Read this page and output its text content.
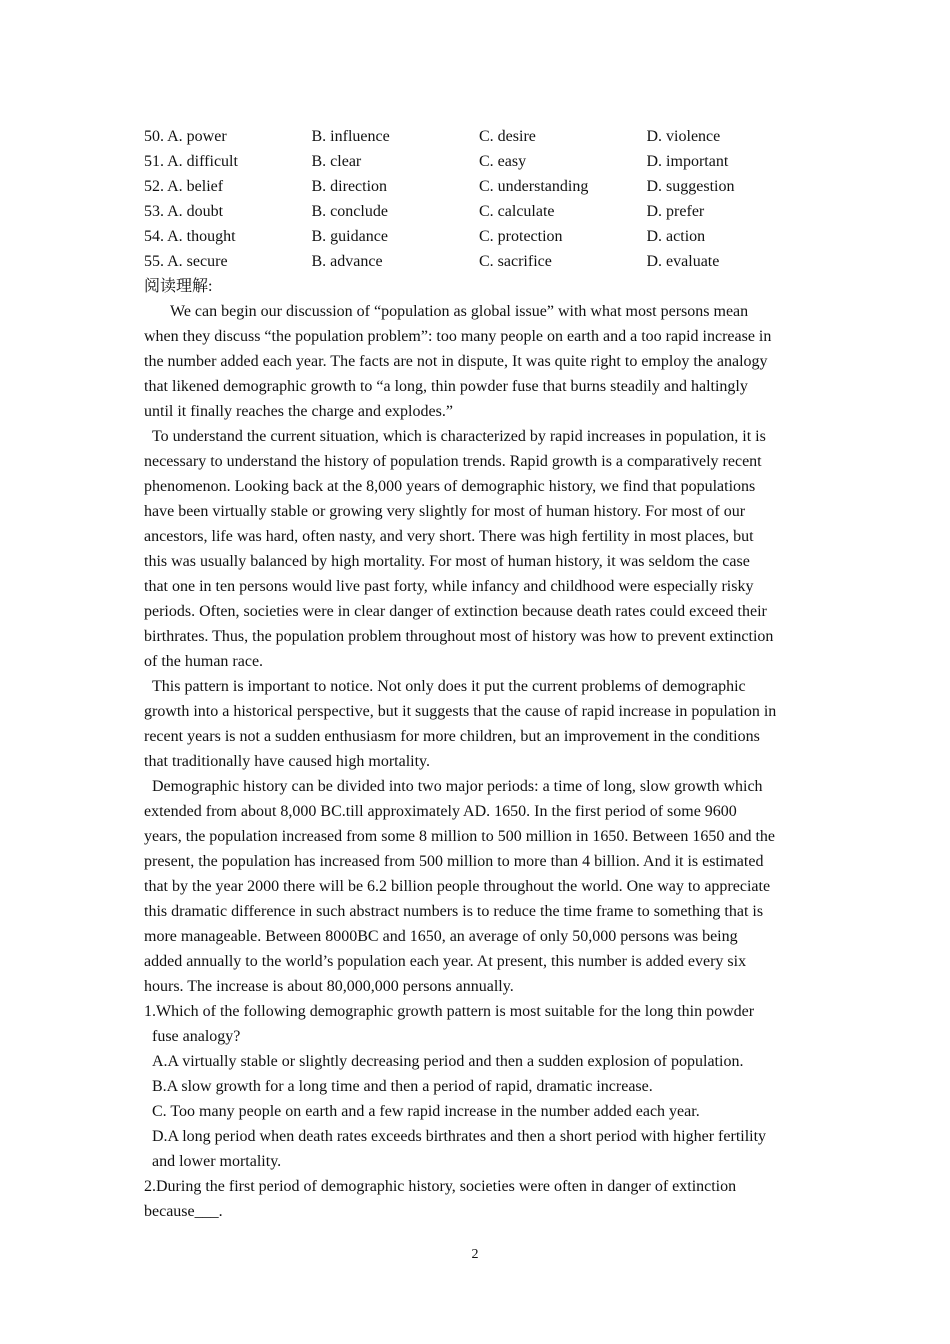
50. A. power	B. influence	C. desire	D. violence
51. A. difficult	B. clear	C. easy	D. important
52. A. belief	B. direction	C. understanding	D. suggestion
53. A. doubt	B. conclude	C. calculate	D. prefer
54. A. thought	B. guidance	C. protection	D. action
55. A. secure	B. advance	C. sacrifice	D. evaluate
阅读理解:
We can begin our discussion of “population as global issue” with what most persons mean
when they discuss “the population problem”: too many people on earth and a too rapid increase in
the number added each year. The facts are not in dispute, It was quite right to employ the analogy
that likened demographic growth to “a long, thin powder fuse that burns steadily and haltingly
until it finally reaches the charge and explodes.”
To understand the current situation, which is characterized by rapid increases in population, it is
necessary to understand the history of population trends. Rapid growth is a comparatively recent
phenomenon. Looking back at the 8,000 years of demographic history, we find that populations
have been virtually stable or growing very slightly for most of human history. For most of our
ancestors, life was hard, often nasty, and very short. There was high fertility in most places, but
this was usually balanced by high mortality. For most of human history, it was seldom the case
that one in ten persons would live past forty, while infancy and childhood were especially risky
periods. Often, societies were in clear danger of extinction because death rates could exceed their
birthrates. Thus, the population problem throughout most of history was how to prevent extinction
of the human race.
This pattern is important to notice. Not only does it put the current problems of demographic
growth into a historical perspective, but it suggests that the cause of rapid increase in population in
recent years is not a sudden enthusiasm for more children, but an improvement in the conditions
that traditionally have caused high mortality.
Demographic history can be divided into two major periods: a time of long, slow growth which
extended from about 8,000 BC.till approximately AD. 1650. In the first period of some 9600
years, the population increased from some 8 million to 500 million in 1650. Between 1650 and the
present, the population has increased from 500 million to more than 4 billion. And it is estimated
that by the year 2000 there will be 6.2 billion people throughout the world. One way to appreciate
this dramatic difference in such abstract numbers is to reduce the time frame to something that is
more manageable. Between 8000BC and 1650, an average of only 50,000 persons was being
added annually to the world’s population each year. At present, this number is added every six
hours. The increase is about 80,000,000 persons annually.
1.Which of the following demographic growth pattern is most suitable for the long thin powder
fuse analogy?
A.A virtually stable or slightly decreasing period and then a sudden explosion of population.
B.A slow growth for a long time and then a period of rapid, dramatic increase.
C. Too many people on earth and a few rapid increase in the number added each year.
D.A long period when death rates exceeds birthrates and then a short period with higher fertility
and lower mortality.
2.During the first period of demographic history, societies were often in danger of extinction
because___.
2
